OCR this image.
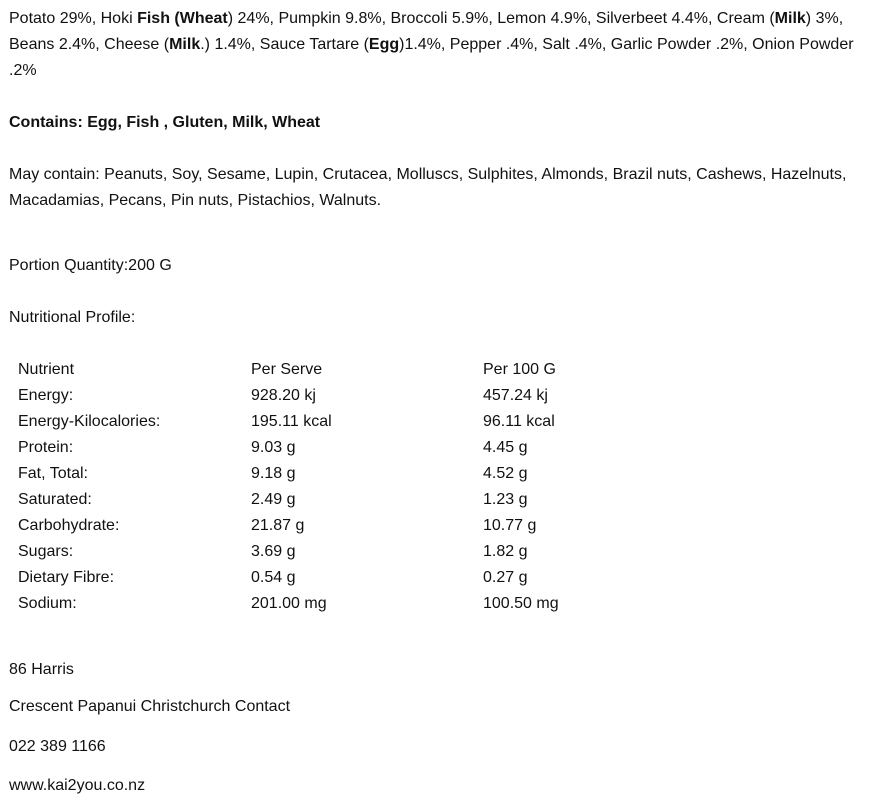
Potato 29%, Hoki Fish (Wheat) 24%, Pumpkin 9.8%, Broccoli 5.9%, Lemon 4.9%, Silverbeet 4.4%, Cream (Milk) 3%, Beans 2.4%, Cheese (Milk.) 1.4%, Sauce Tartare (Egg)1.4%, Pepper .4%, Salt .4%, Garlic Powder .2%, Onion Powder .2%

Contains: Egg, Fish , Gluten, Milk, Wheat
May contain: Peanuts, Soy, Sesame, Lupin, Crutacea, Molluscs, Sulphites, Almonds, Brazil nuts, Cashews, Hazelnuts, Macadamias, Pecans, Pin nuts, Pistachios, Walnuts.
Portion Quantity:200 G
Nutritional Profile:
Nutrient	Per Serve	Per 100 G
Energy:	928.20 kj	457.24 kj
Energy-Kilocalories:	195.11 kcal	96.11 kcal
Protein:	9.03 g	4.45 g
Fat, Total:	9.18 g	4.52 g
Saturated:	2.49 g	1.23 g
Carbohydrate:	21.87 g	10.77 g
Sugars:	3.69 g	1.82 g
Dietary Fibre:	0.54 g	0.27 g
Sodium:	201.00 mg	100.50 mg
86 Harris
Crescent Papanui Christchurch Contact
022 389 1166
www.kai2you.co.nz
